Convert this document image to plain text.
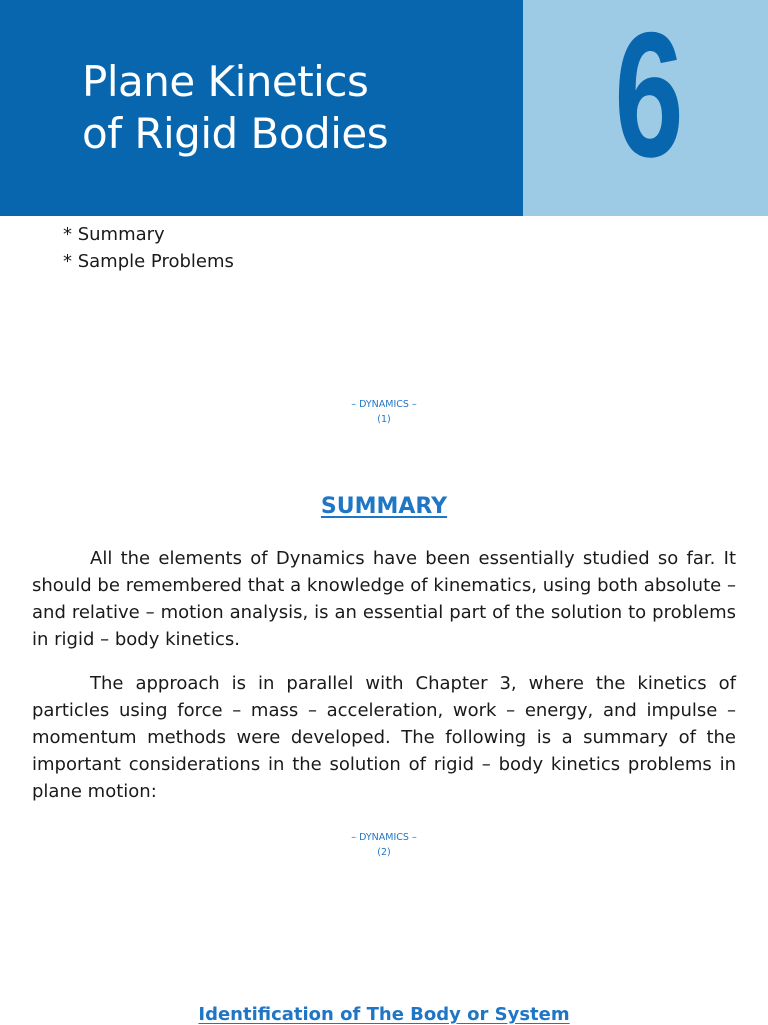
Plane Kinetics
of Rigid Bodies	6
* Summary
* Sample Problems
– DYNAMICS –
(1)
SUMMARY

All the elements of Dynamics have been essentially studied so far. It should be remembered that a knowledge of kinematics, using both absolute – and relative – motion analysis, is an essential part of the solution to problems in rigid – body kinetics.

The approach is in parallel with Chapter 3, where the kinetics of particles using force – mass – acceleration, work – energy, and impulse – momentum methods were developed. The following is a summary of the important considerations in the solution of rigid – body kinetics problems in plane motion:

– DYNAMICS –
(2)
Identification of The Body or System
